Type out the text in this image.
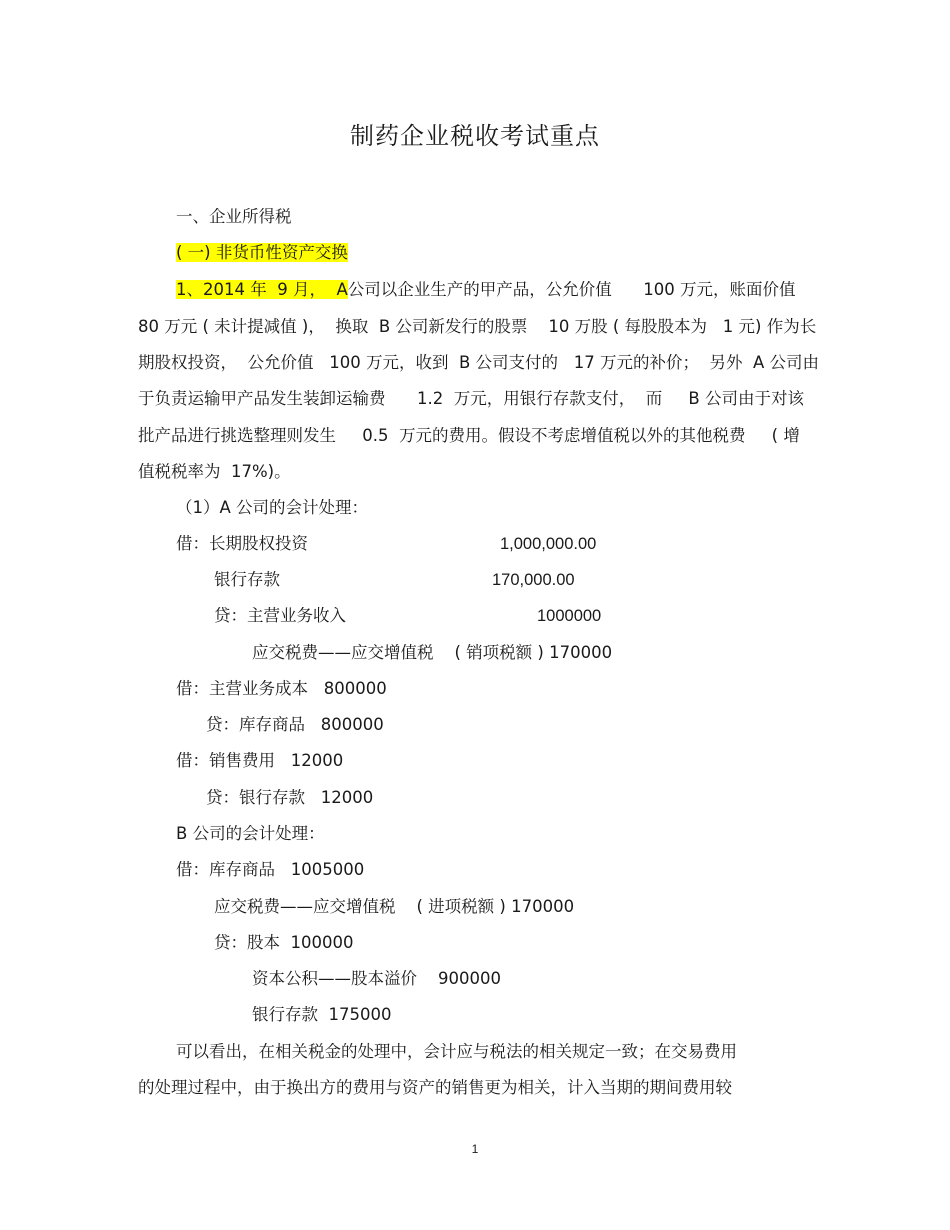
制药企业税收考试重点
一、企业所得税
( 一) 非货币性资产交换
1、2014 年  9 月，  A公司以企业生产的甲产品，公允价值      100 万元，账面价值
80 万元 ( 未计提减值 )，  换取  B 公司新发行的股票    10 万股 ( 每股股本为   1 元) 作为长
期股权投资，  公允价值   100 万元，收到  B 公司支付的   17 万元的补价；  另外  A 公司由
于负责运输甲产品发生装卸运输费      1.2  万元，用银行存款支付，  而     B 公司由于对该
批产品进行挑选整理则发生     0.5  万元的费用。假设不考虑增值税以外的其他税费     ( 增
值税税率为  17%)。
（1）A 公司的会计处理：
借：长期股权投资	1,000,000.00
银行存款	170,000.00
贷：主营业务收入	1000000
应交税费——应交增值税    ( 销项税额 ) 170000
借：主营业务成本   800000
贷：库存商品   800000
借：销售费用   12000
贷：银行存款   12000
B 公司的会计处理：
借：库存商品   1005000
应交税费——应交增值税    ( 进项税额 ) 170000
贷：股本  100000
资本公积——股本溢价    900000
银行存款  175000
可以看出，在相关税金的处理中，会计应与税法的相关规定一致；在交易费用
的处理过程中，由于换出方的费用与资产的销售更为相关，计入当期的期间费用较
1
